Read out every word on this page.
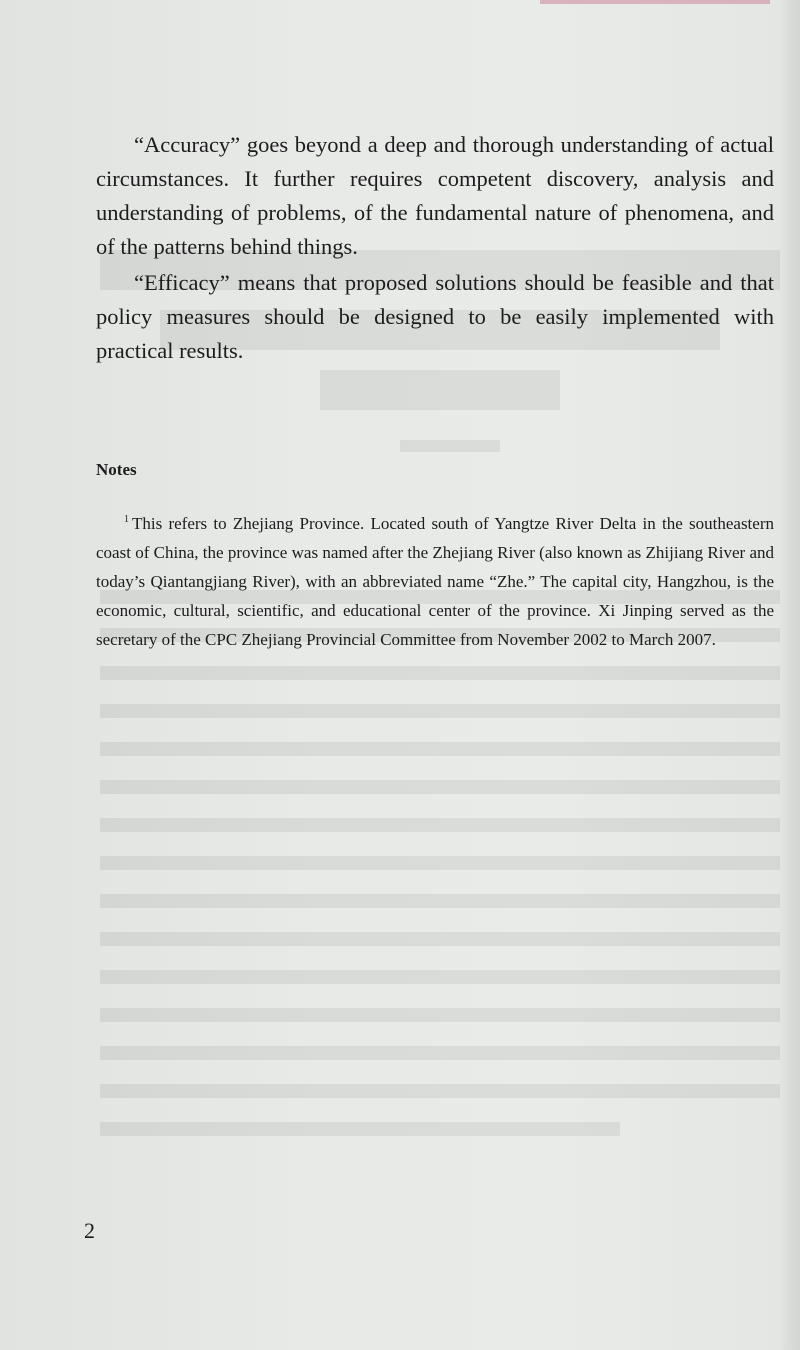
“Accuracy” goes beyond a deep and thorough understanding of actual circumstances. It further requires competent discovery, analysis and understanding of problems, of the fundamental nature of phenomena, and of the patterns behind things.

“Efficacy” means that proposed solutions should be feasible and that policy measures should be designed to be easily implemented with practical results.

Notes

$^1$ This refers to Zhejiang Province. Located south of Yangtze River Delta in the southeastern coast of China, the province was named after the Zhejiang River (also known as Zhijiang River and today’s Qiantangjiang River), with an abbreviated name “Zhe.” The capital city, Hangzhou, is the economic, cultural, scientific, and educational center of the province. Xi Jinping served as the secretary of the CPC Zhejiang Provincial Committee from November 2002 to March 2007.

2
